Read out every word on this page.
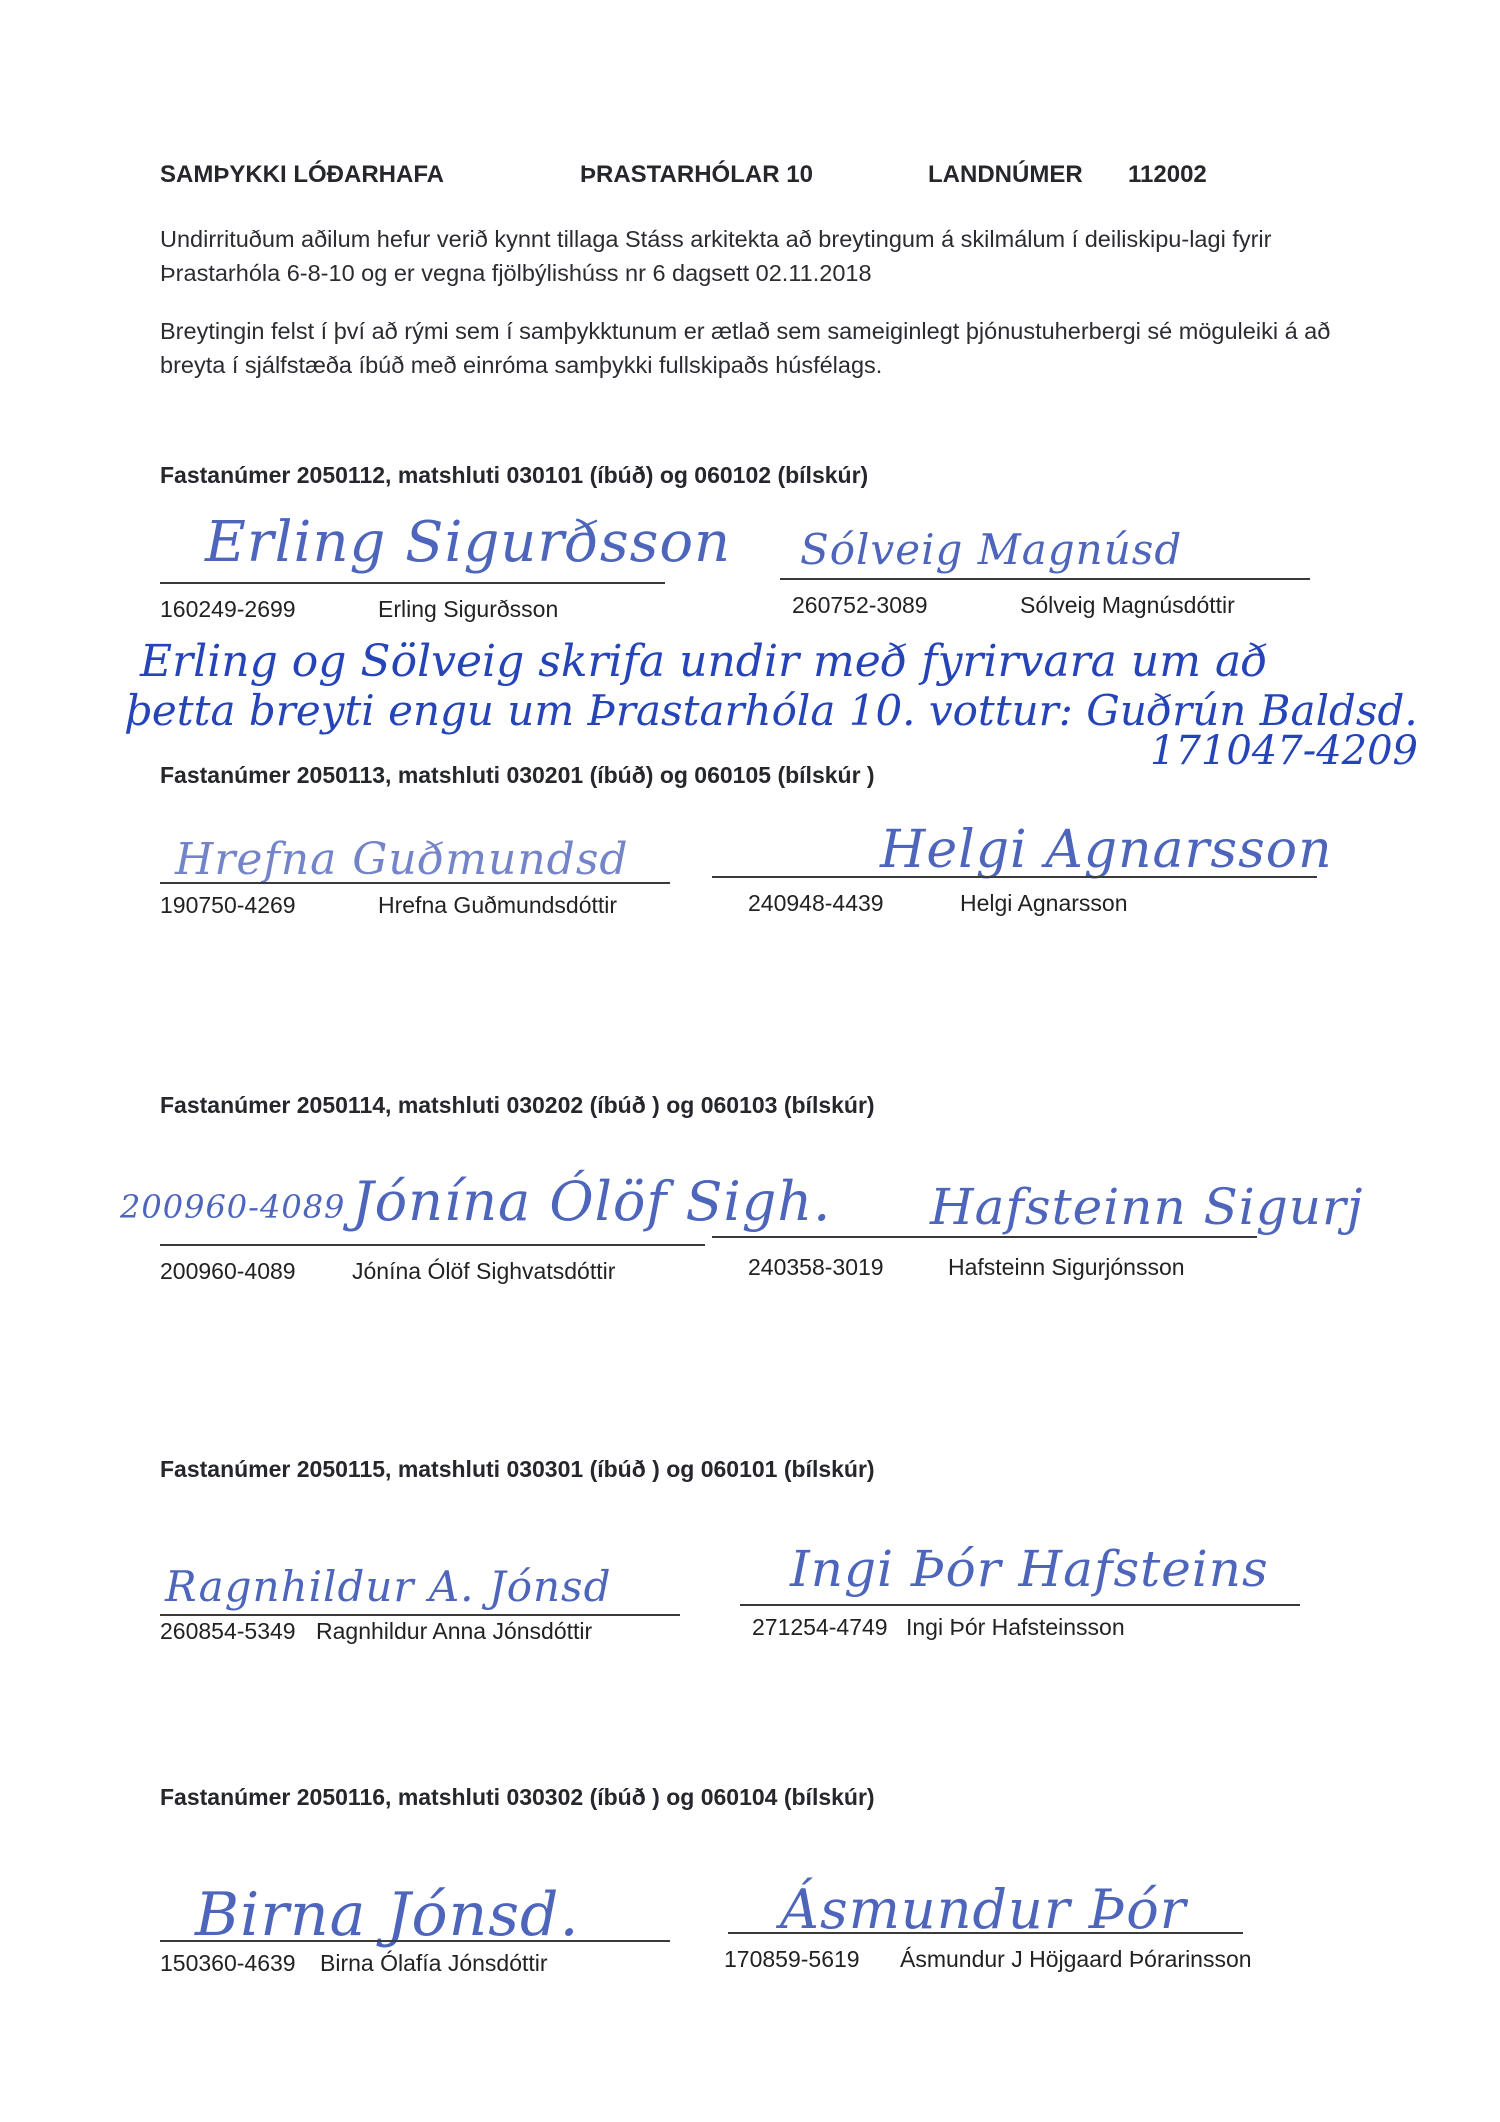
SAMÞYKKI LÓÐARHAFA	ÞRASTARHÓLAR 10	LANDNÚMER 112002

Undirrituðum aðilum hefur verið kynnt tillaga Stáss arkitekta að breytingum á skilmálum í deiliskipu-lagi fyrir Þrastarhóla 6-8-10 og er vegna fjölbýlishúss nr 6 dagsett 02.11.2018

Breytingin felst í því að rými sem í samþykktunum er ætlað sem sameiginlegt þjónustuherbergi sé möguleiki á að breyta í sjálfstæða íbúð með einróma samþykki fullskipaðs húsfélags.

Fastanúmer 2050112, matshluti 030101 (íbúð) og 060102 (bílskúr)
Erling Sigurðsson Sólveig Magnúsd
160249-2699	Erling Sigurðsson	260752-3089	Sólveig Magnúsdóttir
Erling og Sölveig skrifa undir með fyrirvara um að
þetta breyti engu um Þrastarhóla 10. vottur: Guðrún Baldsd.
171047-4209
Fastanúmer 2050113, matshluti 030201 (íbúð) og 060105 (bílskúr )
Hrefna Guðmundsd	Helgi Agnarsson
190750-4269	Hrefna Guðmundsdóttir	240948-4439	Helgi Agnarsson
Fastanúmer 2050114, matshluti 030202 (íbúð ) og 060103 (bílskúr)
200960-4089 Jónína Ólöf Sigh. Hafsteinn Sigurj
200960-4089 Jónína Ólöf Sighvatsdóttir	240358-3019	Hafsteinn Sigurjónsson
Fastanúmer 2050115, matshluti 030301 (íbúð ) og 060101 (bílskúr)
Ragnhildur A. Jónsd	Ingi Þór Hafsteins
260854-5349 Ragnhildur Anna Jónsdóttir	271254-4749 Ingi Þór Hafsteinsson
Fastanúmer 2050116, matshluti 030302 (íbúð ) og 060104 (bílskúr)
Birna Jónsd.	Ásmundur Þór
150360-4639 Birna Ólafía Jónsdóttir	170859-5619 Ásmundur J Höjgaard Þórarinsson
